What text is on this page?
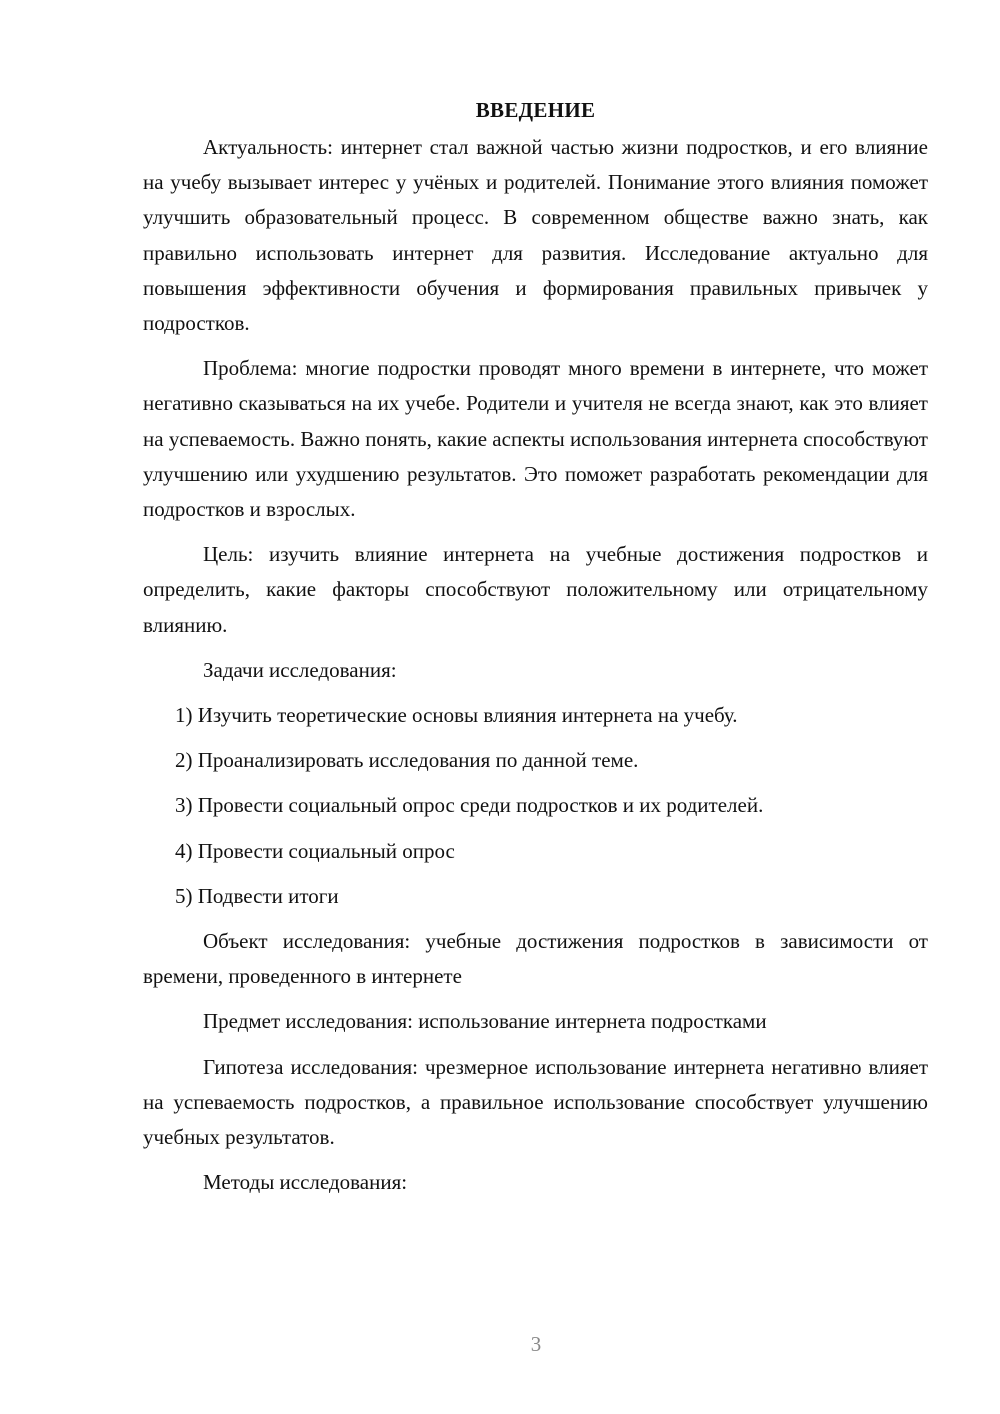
ВВЕДЕНИЕ

Актуальность: интернет стал важной частью жизни подростков, и его влияние на учебу вызывает интерес у учёных и родителей. Понимание этого влияния поможет улучшить образовательный процесс. В современном обществе важно знать, как правильно использовать интернет для развития. Исследование актуально для повышения эффективности обучения и формирования правильных привычек у подростков.

Проблема: многие подростки проводят много времени в интернете, что может негативно сказываться на их учебе. Родители и учителя не всегда знают, как это влияет на успеваемость. Важно понять, какие аспекты использования интернета способствуют улучшению или ухудшению результатов. Это поможет разработать рекомендации для подростков и взрослых.

Цель: изучить влияние интернета на учебные достижения подростков и определить, какие факторы способствуют положительному или отрицательному влиянию.

Задачи исследования:

1) Изучить теоретические основы влияния интернета на учебу.

2) Проанализировать исследования по данной теме.

3) Провести социальный опрос среди подростков и их родителей.

4) Провести социальный опрос

5) Подвести итоги

Объект исследования: учебные достижения подростков в зависимости от времени, проведенного в интернете

Предмет исследования: использование интернета подростками

Гипотеза исследования: чрезмерное использование интернета негативно влияет на успеваемость подростков, а правильное использование способствует улучшению учебных результатов.

Методы исследования:

3
